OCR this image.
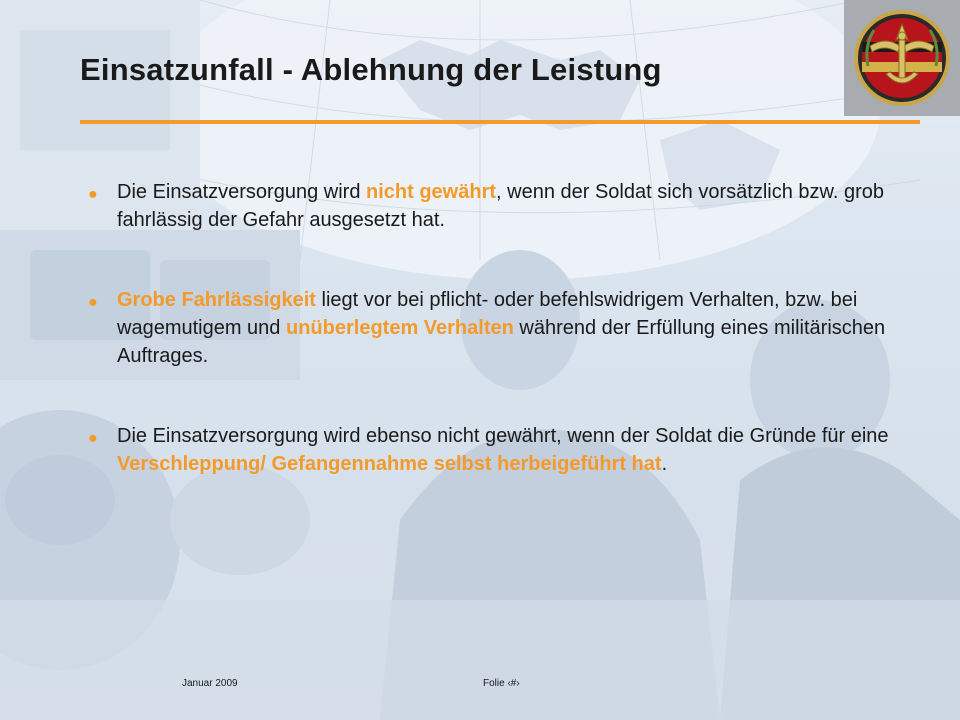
Einsatzunfall - Ablehnung der Leistung
● Die Einsatzversorgung wird nicht gewährt, wenn der Soldat sich vorsätzlich bzw. grob fahrlässig der Gefahr ausgesetzt hat.
● Grobe Fahrlässigkeit liegt vor bei pflicht- oder befehlswidrigem Verhalten, bzw. bei wagemutigem und unüberlegtem Verhalten während der Erfüllung eines militärischen Auftrages.
● Die Einsatzversorgung wird ebenso nicht gewährt, wenn der Soldat die Gründe für eine Verschleppung/ Gefangennahme selbst herbeigeführt hat.
Januar 2009	Folie ‹#›
